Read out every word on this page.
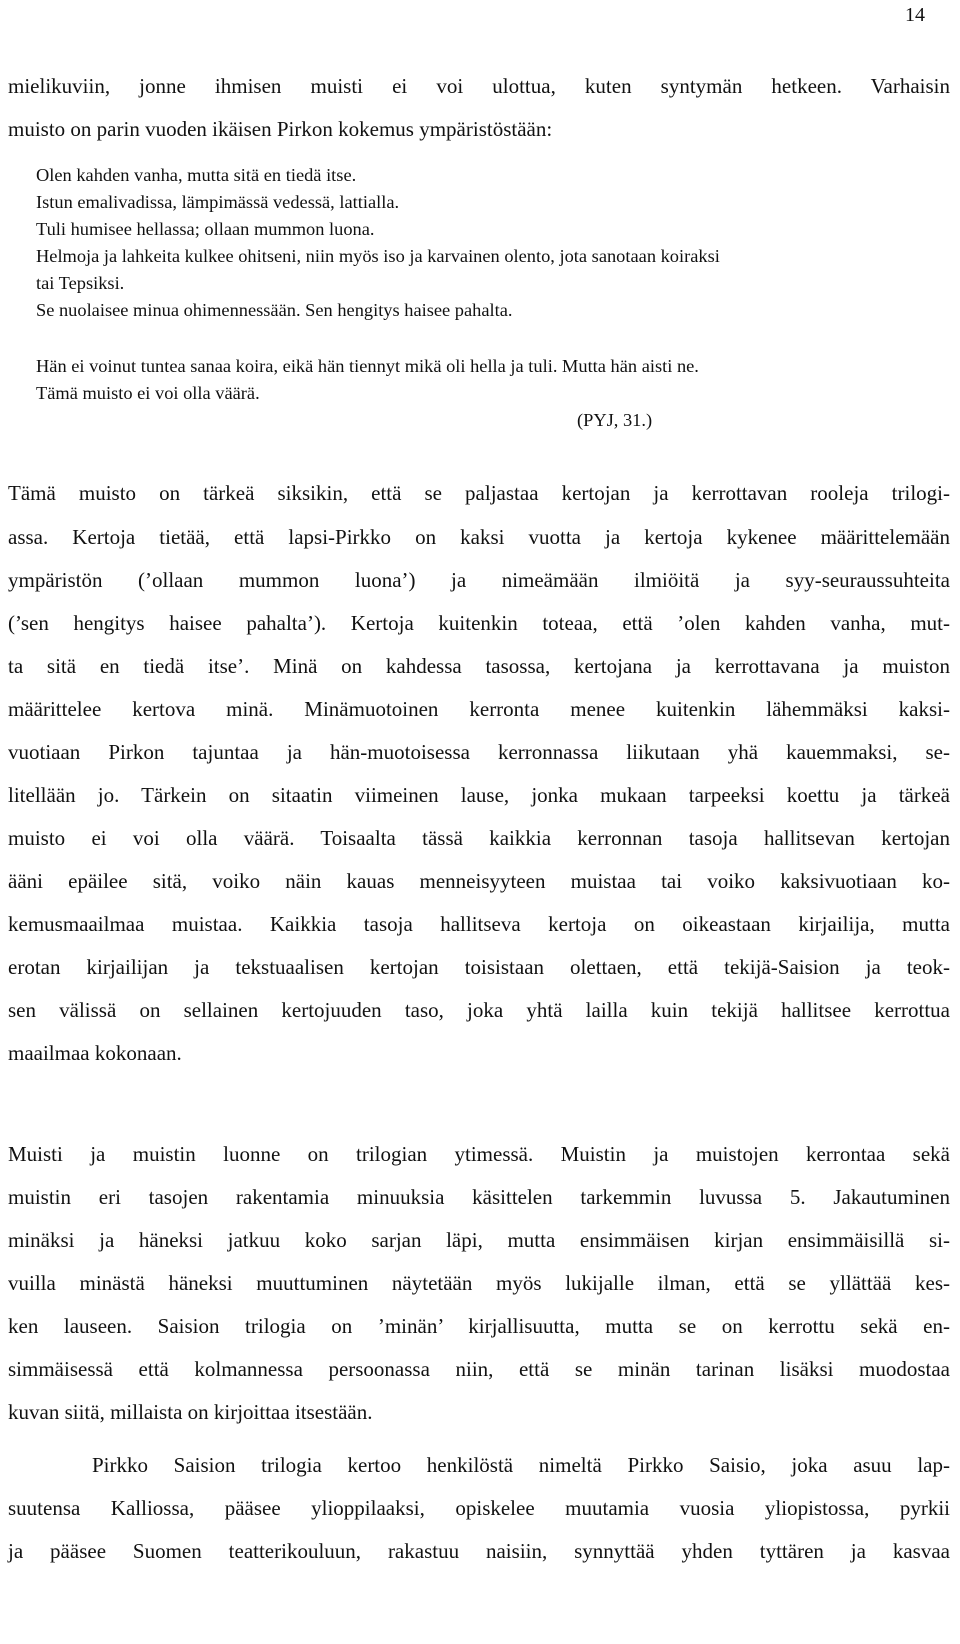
14
mielikuviin, jonne ihmisen muisti ei voi ulottua, kuten syntymän hetkeen. Varhaisin
muisto on parin vuoden ikäisen Pirkon kokemus ympäristöstään:
Olen kahden vanha, mutta sitä en tiedä itse.
Istun emalivadissa, lämpimässä vedessä, lattialla.
Tuli humisee hellassa; ollaan mummon luona.
Helmoja ja lahkeita kulkee ohitseni, niin myös iso ja karvainen olento, jota sanotaan koiraksi
tai Tepsiksi.
Se nuolaisee minua ohimennessään. Sen hengitys haisee pahalta.
Hän ei voinut tuntea sanaa koira, eikä hän tiennyt mikä oli hella ja tuli. Mutta hän aisti ne.
Tämä muisto ei voi olla väärä.
(PYJ, 31.)
Tämä muisto on tärkeä siksikin, että se paljastaa kertojan ja kerrottavan rooleja trilogi-
assa. Kertoja tietää, että lapsi-Pirkko on kaksi vuotta ja kertoja kykenee määrittelemään
ympäristön (’ollaan mummon luona’) ja nimeämään ilmiöitä ja syy-seuraussuhteita
(’sen hengitys haisee pahalta’). Kertoja kuitenkin toteaa, että ’olen kahden vanha, mut-
ta sitä en tiedä itse’. Minä on kahdessa tasossa, kertojana ja kerrottavana ja muiston
määrittelee kertova minä. Minämuotoinen kerronta menee kuitenkin lähemmäksi kaksi-
vuotiaan Pirkon tajuntaa ja hän-muotoisessa kerronnassa liikutaan yhä kauemmaksi, se-
litellään jo. Tärkein on sitaatin viimeinen lause, jonka mukaan tarpeeksi koettu ja tärkeä
muisto ei voi olla väärä. Toisaalta tässä kaikkia kerronnan tasoja hallitsevan kertojan
ääni epäilee sitä, voiko näin kauas menneisyyteen muistaa tai voiko kaksivuotiaan ko-
kemusmaailmaa muistaa. Kaikkia tasoja hallitseva kertoja on oikeastaan kirjailija, mutta
erotan kirjailijan ja tekstuaalisen kertojan toisistaan olettaen, että tekijä-Saision ja teok-
sen välissä on sellainen kertojuuden taso, joka yhtä lailla kuin tekijä hallitsee kerrottua
maailmaa kokonaan.
Muisti ja muistin luonne on trilogian ytimessä. Muistin ja muistojen kerrontaa sekä
muistin eri tasojen rakentamia minuuksia käsittelen tarkemmin luvussa 5. Jakautuminen
minäksi ja häneksi jatkuu koko sarjan läpi, mutta ensimmäisen kirjan ensimmäisillä si-
vuilla minästä häneksi muuttuminen näytetään myös lukijalle ilman, että se yllättää kes-
ken lauseen. Saision trilogia on ’minän’ kirjallisuutta, mutta se on kerrottu sekä en-
simmäisessä että kolmannessa persoonassa niin, että se minän tarinan lisäksi muodostaa
kuvan siitä, millaista on kirjoittaa itsestään.
Pirkko Saision trilogia kertoo henkilöstä nimeltä Pirkko Saisio, joka asuu lap-
suutensa Kalliossa, pääsee ylioppilaaksi, opiskelee muutamia vuosia yliopistossa, pyrkii
ja pääsee Suomen teatterikouluun, rakastuu naisiin, synnyttää yhden tyttären ja kasvaa
